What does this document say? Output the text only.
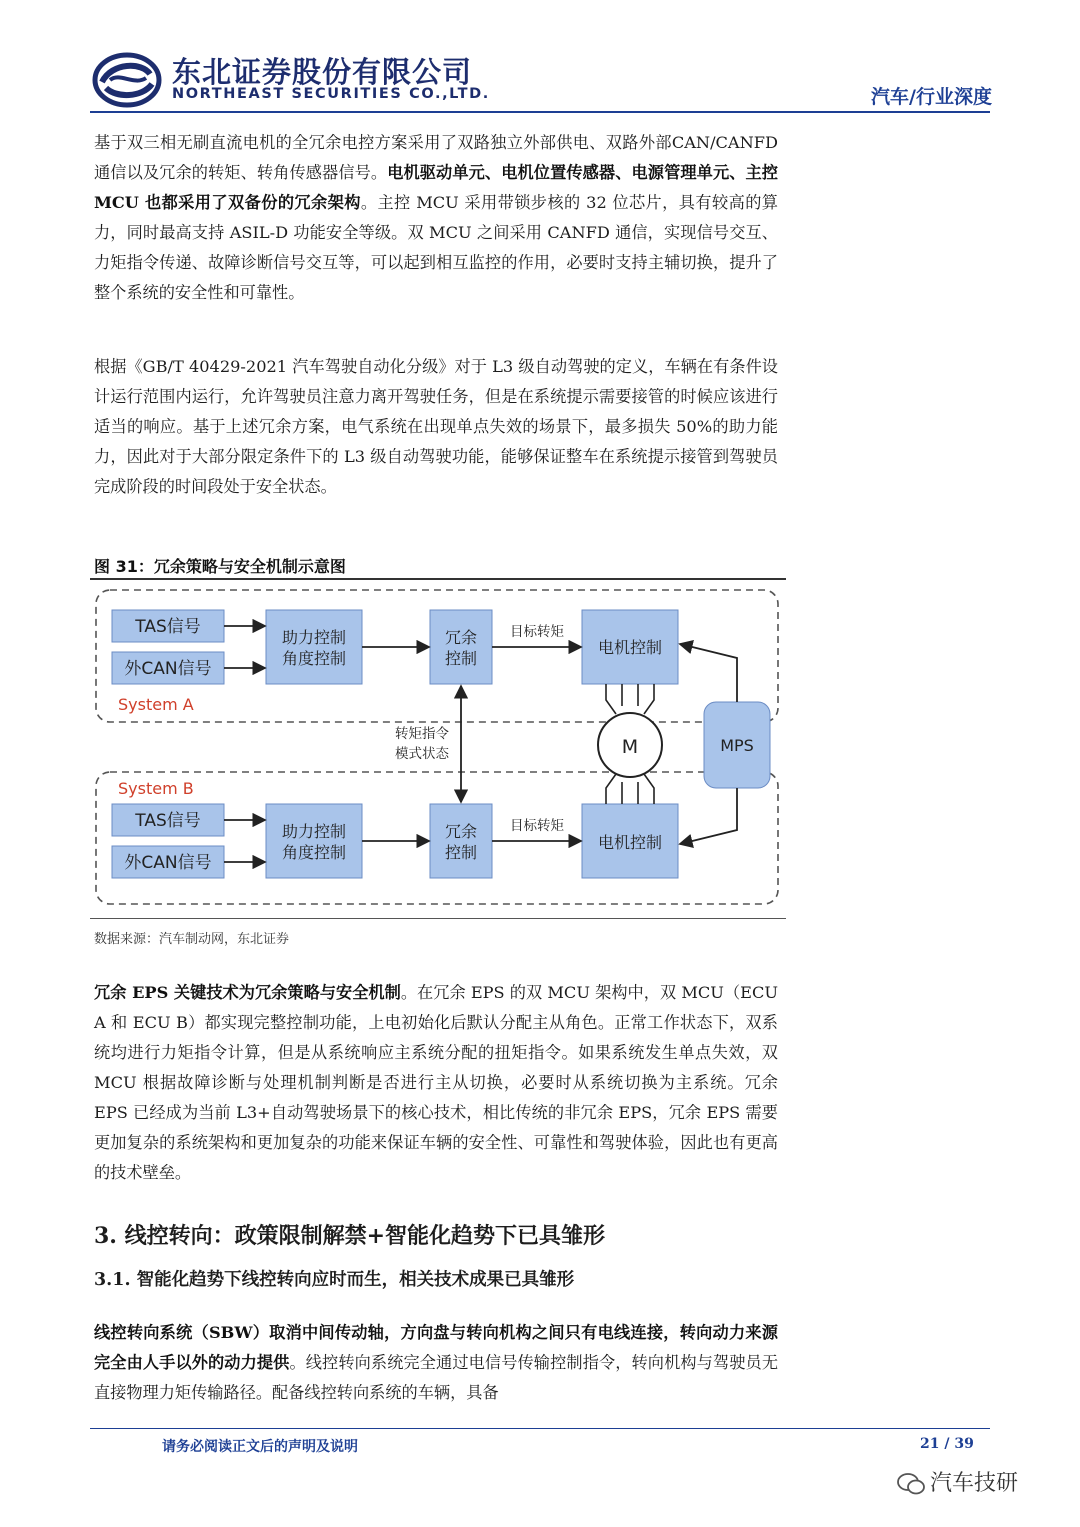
东北证券股份有限公司
NORTHEAST SECURITIES CO.,LTD.	汽车/行业深度
基于双三相无刷直流电机的全冗余电控方案采用了双路独立外部供电、双路外部CAN/CANFD 通信以及冗余的转矩、转角传感器信号。电机驱动单元、电机位置传感器、电源管理单元、主控 MCU 也都采用了双备份的冗余架构。主控 MCU 采用带锁步核的 32 位芯片，具有较高的算力，同时最高支持 ASIL-D 功能安全等级。双 MCU 之间采用 CANFD 通信，实现信号交互、力矩指令传递、故障诊断信号交互等，可以起到相互监控的作用，必要时支持主辅切换，提升了整个系统的安全性和可靠性。
根据《GB/T 40429-2021 汽车驾驶自动化分级》对于 L3 级自动驾驶的定义，车辆在有条件设计运行范围内运行，允许驾驶员注意力离开驾驶任务，但是在系统提示需要接管的时候应该进行适当的响应。基于上述冗余方案，电气系统在出现单点失效的场景下，最多损失 50%的助力能力，因此对于大部分限定条件下的 L3 级自动驾驶功能，能够保证整车在系统提示接管到驾驶员完成阶段的时间段处于安全状态。
图 31：冗余策略与安全机制示意图
TAS信号
外CAN信号
助力控制
角度控制
冗余
控制
电机控制
目标转矩
System A
TAS信号
外CAN信号
助力控制
角度控制
冗余
控制
电机控制
目标转矩
System B
转矩指令
模式状态	M	MPS
数据来源：汽车制动网，东北证券
冗余 EPS 关键技术为冗余策略与安全机制。在冗余 EPS 的双 MCU 架构中，双 MCU（ECU A 和 ECU B）都实现完整控制功能，上电初始化后默认分配主从角色。正常工作状态下，双系统均进行力矩指令计算，但是从系统响应主系统分配的扭矩指令。如果系统发生单点失效，双 MCU 根据故障诊断与处理机制判断是否进行主从切换，必要时从系统切换为主系统。冗余 EPS 已经成为当前 L3+自动驾驶场景下的核心技术，相比传统的非冗余 EPS，冗余 EPS 需要更加复杂的系统架构和更加复杂的功能来保证车辆的安全性、可靠性和驾驶体验，因此也有更高的技术壁垒。
3. 线控转向：政策限制解禁+智能化趋势下已具雏形
3.1. 智能化趋势下线控转向应时而生，相关技术成果已具雏形
线控转向系统（SBW）取消中间传动轴，方向盘与转向机构之间只有电线连接，转向动力来源完全由人手以外的动力提供。线控转向系统完全通过电信号传输控制指令，转向机构与驾驶员无直接物理力矩传输路径。配备线控转向系统的车辆，具备
请务必阅读正文后的声明及说明	21 / 39
汽车技研
